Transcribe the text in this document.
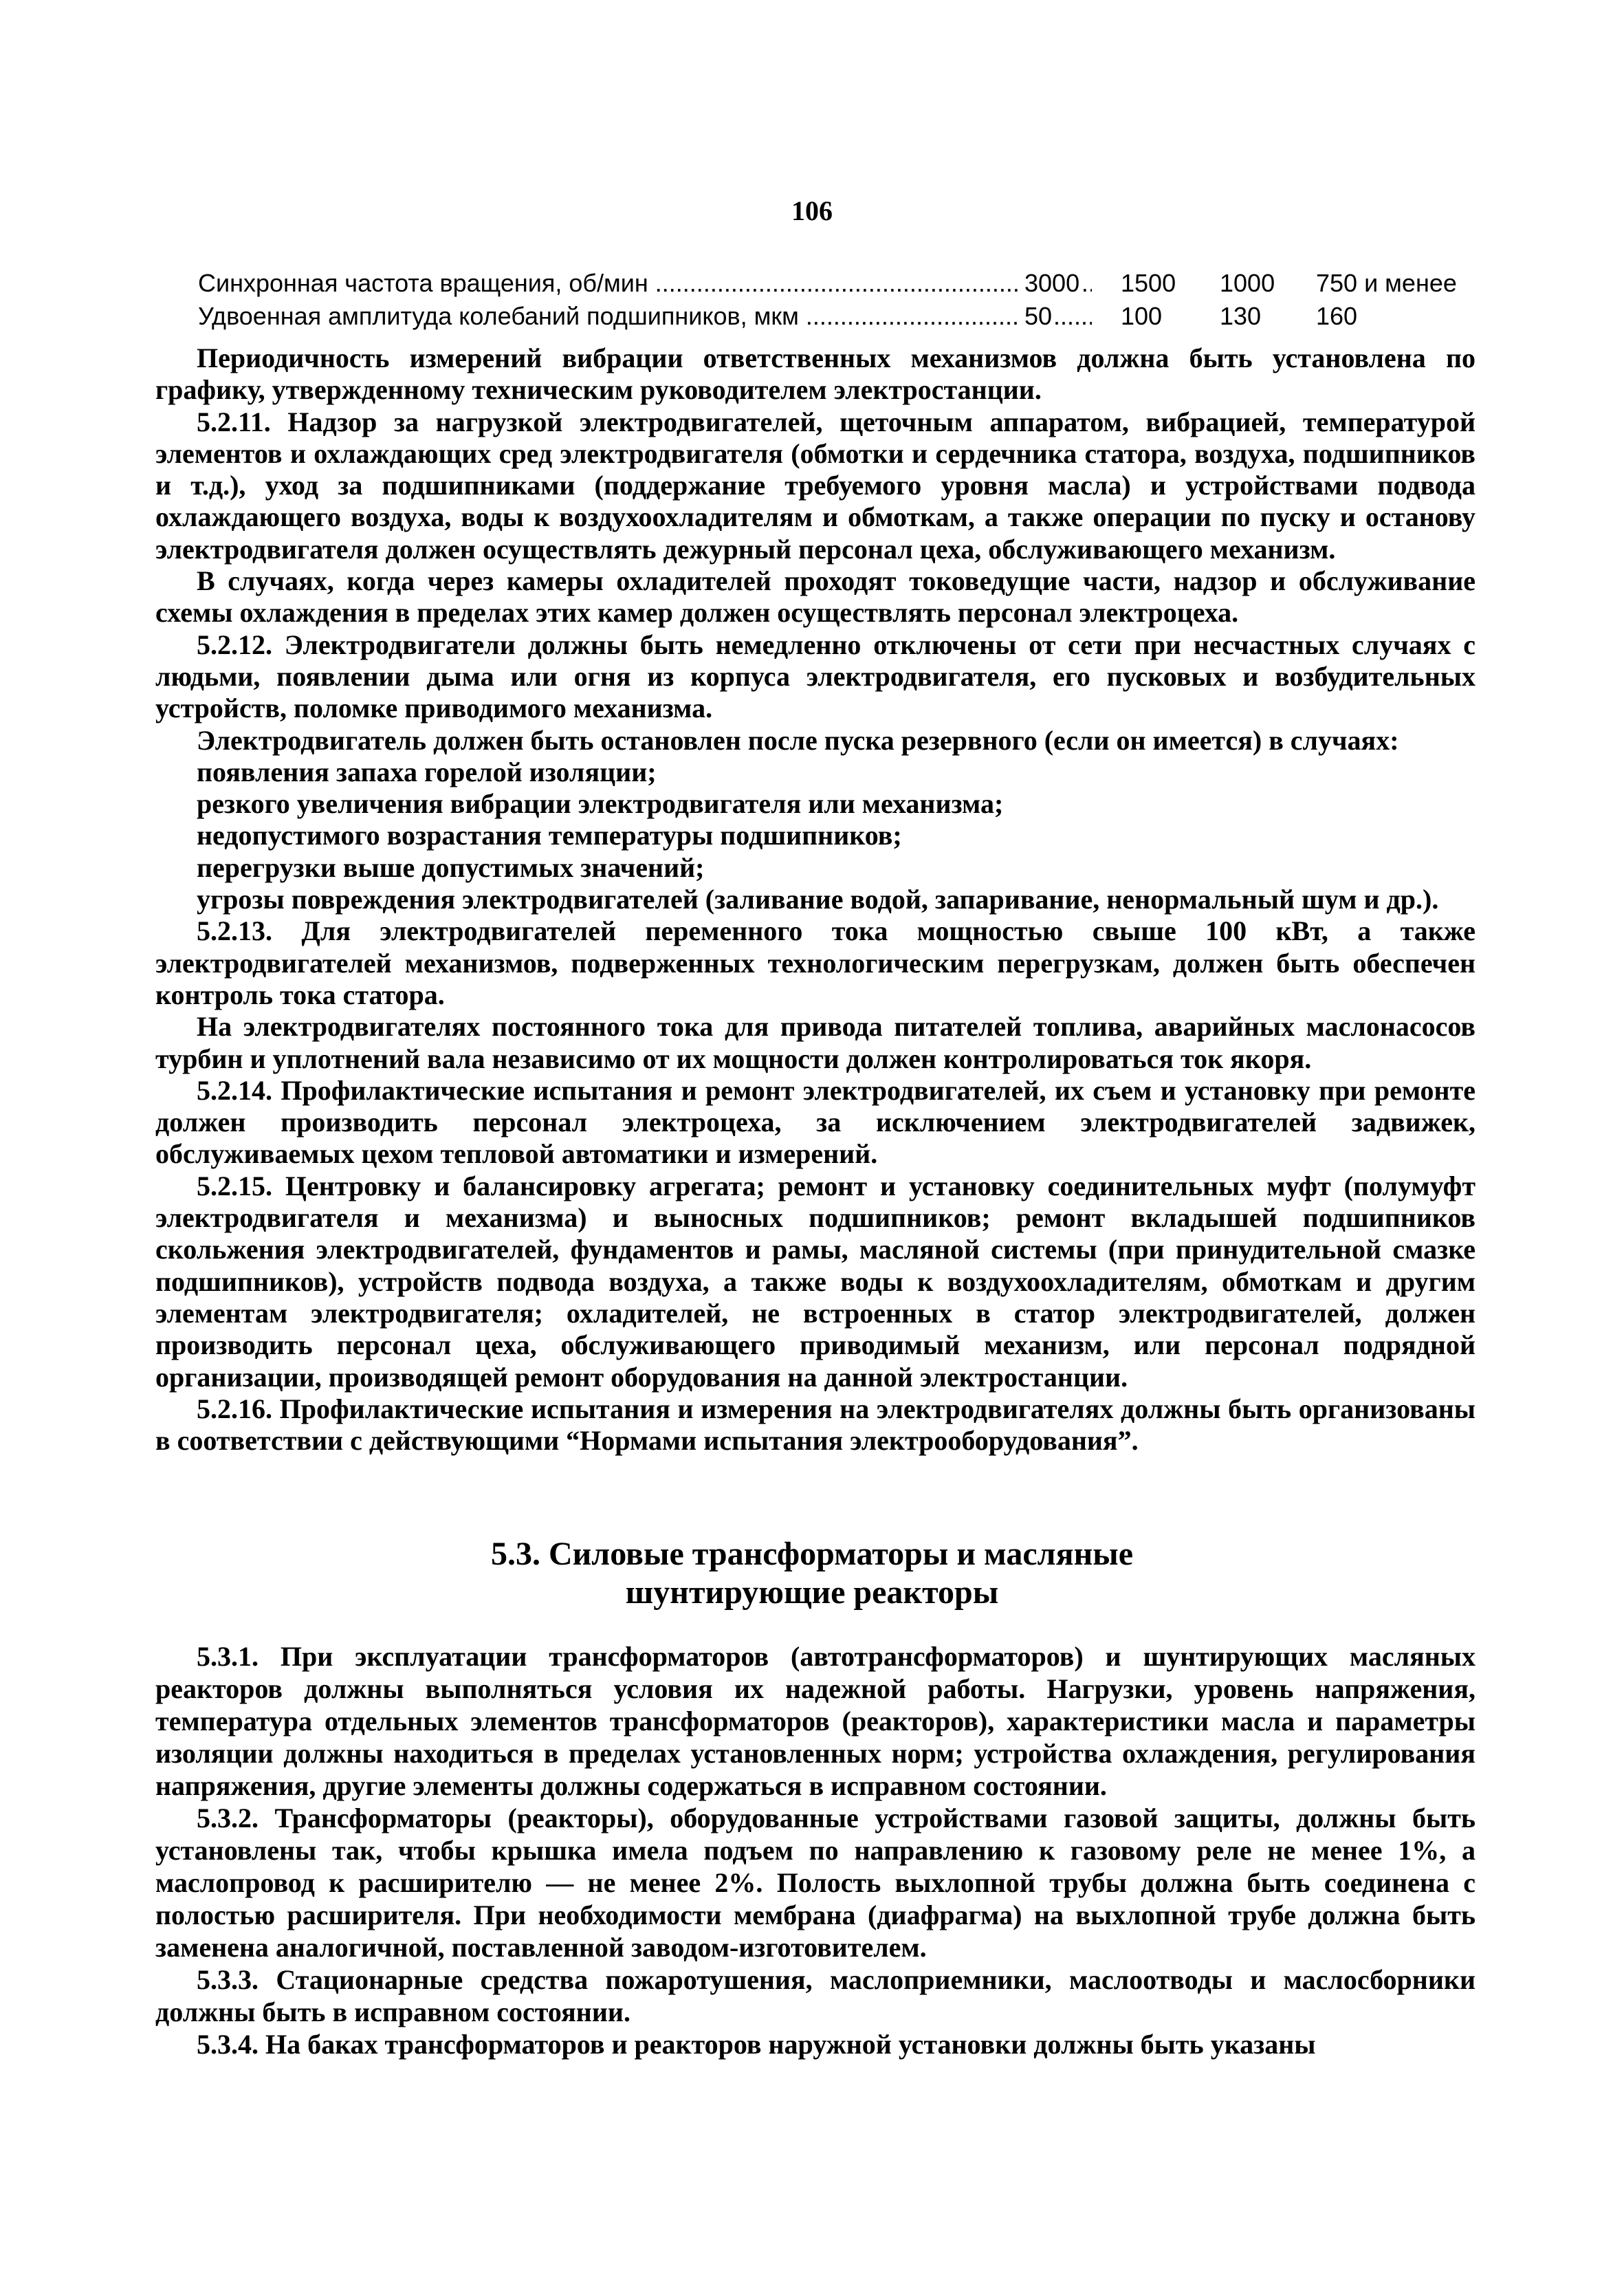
106
Синхронная частота вращения, об/мин .....	3000 1500 1000 750 и менее
Удвоенная амплитуда колебаний подшипников, мкм .....	50	100 130 160

Периодичность измерений вибрации ответственных механизмов должна быть установлена по графику, утвержденному техническим руководителем электростанции.

5.2.11. Надзор за нагрузкой электродвигателей, щеточным аппаратом, вибрацией, температурой элементов и охлаждающих сред электродвигателя (обмотки и сердечника статора, воздуха, подшипников и т.д.), уход за подшипниками (поддержание требуемого уровня масла) и устройствами подвода охлаждающего воздуха, воды к воздухоохладителям и обмоткам, а также операции по пуску и останову электродвигателя должен осуществлять дежурный персонал цеха, обслуживающего механизм.

В случаях, когда через камеры охладителей проходят токоведущие части, надзор и обслуживание схемы охлаждения в пределах этих камер должен осуществлять персонал электроцеха.

5.2.12. Электродвигатели должны быть немедленно отключены от сети при несчастных случаях с людьми, появлении дыма или огня из корпуса электродвигателя, его пусковых и возбудительных устройств, поломке приводимого механизма.

Электродвигатель должен быть остановлен после пуска резервного (если он имеется) в случаях:

появления запаха горелой изоляции;

резкого увеличения вибрации электродвигателя или механизма;

недопустимого возрастания температуры подшипников;

перегрузки выше допустимых значений;

угрозы повреждения электродвигателей (заливание водой, запаривание, ненормальный шум и др.).

5.2.13. Для электродвигателей переменного тока мощностью свыше 100 кВт, а также электродвигателей механизмов, подверженных технологическим перегрузкам, должен быть обеспечен контроль тока статора.

На электродвигателях постоянного тока для привода питателей топлива, аварийных маслонасосов турбин и уплотнений вала независимо от их мощности должен контролироваться ток якоря.

5.2.14. Профилактические испытания и ремонт электродвигателей, их съем и установку при ремонте должен производить персонал электроцеха, за исключением электродвигателей задвижек, обслуживаемых цехом тепловой автоматики и измерений.

5.2.15. Центровку и балансировку агрегата; ремонт и установку соединительных муфт (полумуфт электродвигателя и механизма) и выносных подшипников; ремонт вкладышей подшипников скольжения электродвигателей, фундаментов и рамы, масляной системы (при принудительной смазке подшипников), устройств подвода воздуха, а также воды к воздухоохладителям, обмоткам и другим элементам электродвигателя; охладителей, не встроенных в статор электродвигателей, должен производить персонал цеха, обслуживающего приводимый механизм, или персонал подрядной организации, производящей ремонт оборудования на данной электростанции.

5.2.16. Профилактические испытания и измерения на электродвигателях должны быть организованы в соответствии с действующими “Нормами испытания электрооборудования”.

5.3. Силовые трансформаторы и масляные
шунтирующие реакторы

5.3.1. При эксплуатации трансформаторов (автотрансформаторов) и шунтирующих масляных реакторов должны выполняться условия их надежной работы. Нагрузки, уровень напряжения, температура отдельных элементов трансформаторов (реакторов), характеристики масла и параметры изоляции должны находиться в пределах установленных норм; устройства охлаждения, регулирования напряжения, другие элементы должны содержаться в исправном состоянии.

5.3.2. Трансформаторы (реакторы), оборудованные устройствами газовой защиты, должны быть установлены так, чтобы крышка имела подъем по направлению к газовому реле не менее 1%, а маслопровод к расширителю — не менее 2%. Полость выхлопной трубы должна быть соединена с полостью расширителя. При необходимости мембрана (диафрагма) на выхлопной трубе должна быть заменена аналогичной, поставленной заводом-изготовителем.

5.3.3. Стационарные средства пожаротушения, маслоприемники, маслоотводы и маслосборники должны быть в исправном состоянии.

5.3.4. На баках трансформаторов и реакторов наружной установки должны быть указаны
